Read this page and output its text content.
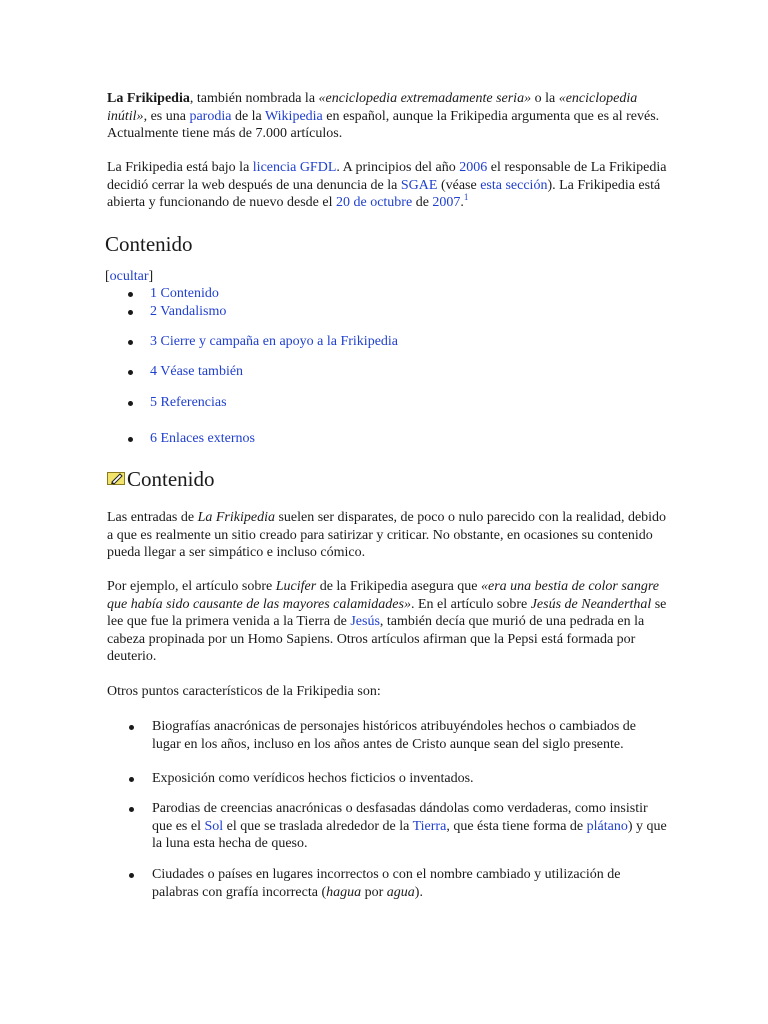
La Frikipedia, también nombrada la «enciclopedia extremadamente seria» o la «enciclopedia inútil», es una parodia de la Wikipedia en español, aunque la Frikipedia argumenta que es al revés. Actualmente tiene más de 7.000 artículos.

La Frikipedia está bajo la licencia GFDL. A principios del año 2006 el responsable de La Frikipedia decidió cerrar la web después de una denuncia de la SGAE (véase esta sección). La Frikipedia está abierta y funcionando de nuevo desde el 20 de octubre de 2007.$^1$

Contenido

[ocultar]

1 Contenido
2 Vandalismo
3 Cierre y campaña en apoyo a la Frikipedia
4 Véase también
5 Referencias
6 Enlaces externos
Contenido

Las entradas de La Frikipedia suelen ser disparates, de poco o nulo parecido con la realidad, debido a que es realmente un sitio creado para satirizar y criticar. No obstante, en ocasiones su contenido pueda llegar a ser simpático e incluso cómico.

Por ejemplo, el artículo sobre Lucifer de la Frikipedia asegura que «era una bestia de color sangre que había sido causante de las mayores calamidades». En el artículo sobre Jesús de Neanderthal se lee que fue la primera venida a la Tierra de Jesús, también decía que murió de una pedrada en la cabeza propinada por un Homo Sapiens. Otros artículos afirman que la Pepsi está formada por deuterio.

Otros puntos característicos de la Frikipedia son:

Biografías anacrónicas de personajes históricos atribuyéndoles hechos o cambiados de lugar en los años, incluso en los años antes de Cristo aunque sean del siglo presente.
Exposición como verídicos hechos ficticios o inventados.
Parodias de creencias anacrónicas o desfasadas dándolas como verdaderas, como insistir que es el Sol el que se traslada alrededor de la Tierra, que ésta tiene forma de plátano) y que la luna esta hecha de queso.
Ciudades o países en lugares incorrectos o con el nombre cambiado y utilización de palabras con grafía incorrecta (hagua por agua).
